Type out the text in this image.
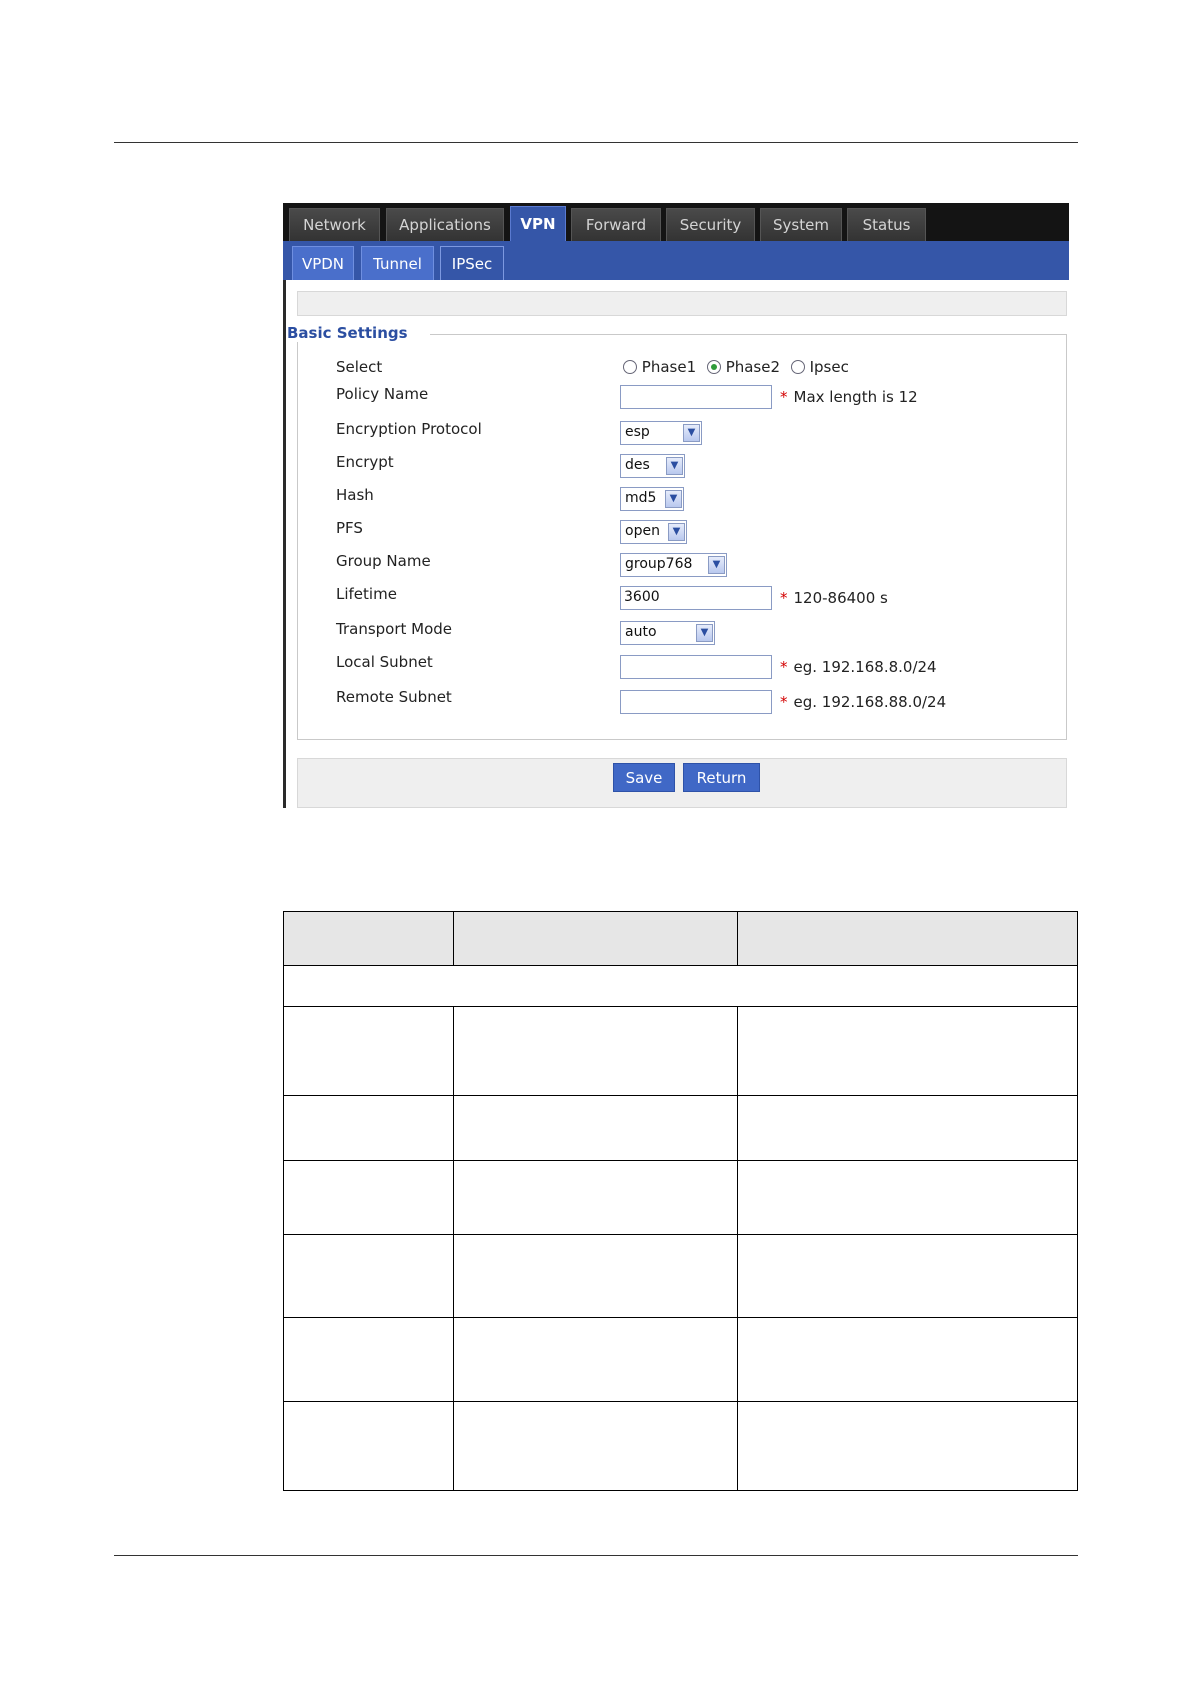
Network	Applications	VPN	Forward	Security	System	Status
VPDN	Tunnel	IPSec
Basic Settings
Select	Phase1 Phase2 Ipsec
Policy Name	* Max length is 12
Encryption Protocol	esp	▼
Encrypt	des	▼
Hash	md5	▼
PFS	open	▼
Group Name	group768	▼
Lifetime	3600	* 120-86400 s
Transport Mode	auto	▼
Local Subnet	* eg. 192.168.8.0/24
Remote Subnet	* eg. 192.168.88.0/24
Save	Return
